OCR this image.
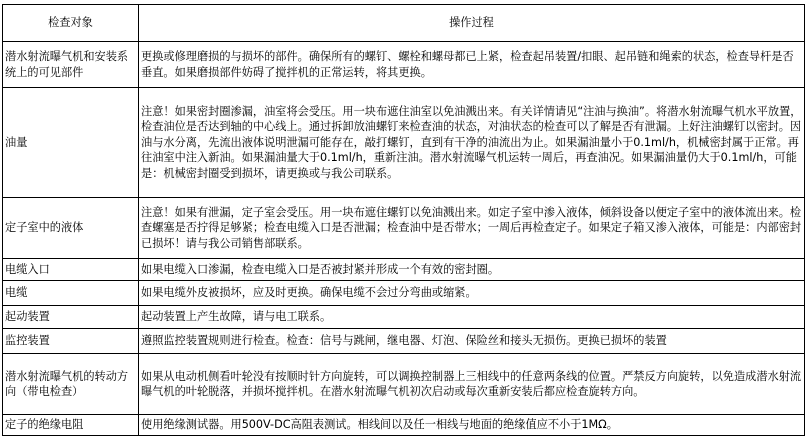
检查对象	操作过程
潜水射流曝气机和安装系统上的可见部件	更换或修理磨损的与损坏的部件。确保所有的螺钉、螺栓和螺母都已上紧，检查起吊装置/扣眼、起吊链和绳索的状态，检查导杆是否垂直。如果磨损部件妨碍了搅拌机的正常运转，将其更换。
油量	注意！如果密封圈渗漏，油室将会受压。用一块布遮住油室以免油溅出来。有关详情请见“注油与换油”。将潜水射流曝气机水平放置，检查油位是否达到轴的中心线上。通过拆卸放油螺钉来检查油的状态，对油状态的检查可以了解是否有泄漏。上好注油螺钉以密封。因油与水分离，先流出液体说明泄漏可能存在，敲打螺钉，直到有干净的油流出为止。如果漏油量小于0.1ml/h，机械密封属于正常。再往油室中注入新油。如果漏油量大于0.1ml/h，重新注油。潜水射流曝气机运转一周后，再查油况。如果漏油量仍大于0.1ml/h，可能是：机械密封圈受到损坏，请更换或与我公司联系。
定子室中的液体	注意！如果有泄漏，定子室会受压。用一块布遮住螺钉以免油溅出来。如定子室中渗入液体，倾斜设备以便定子室中的液体流出来。检查螺塞是否拧得足够紧；检查电缆入口是否泄漏；检查油中是否带水；一周后再检查定子。如果定子箱又渗入液体，可能是：内部密封已损坏！请与我公司销售部联系。
电缆入口	如果电缆入口渗漏，检查电缆入口是否被封紧并形成一个有效的密封圈。
电缆	如果电缆外皮被损坏，应及时更换。确保电缆不会过分弯曲或缩紧。
起动装置	起动装置上产生故障，请与电工联系。
监控装置	遵照监控装置规则进行检查。检查：信号与跳闸，继电器、灯泡、保险丝和接头无损伤。更换已损坏的装置
潜水射流曝气机的转动方向（带电检查）	如果从电动机侧看叶轮没有按顺时针方向旋转，可以调换控制器上三相线中的任意两条线的位置。严禁反方向旋转，以免造成潜水射流曝气机的叶轮脱落，并损坏搅拌机。在潜水射流曝气机初次启动或每次重新安装后都应检查旋转方向。
定子的绝缘电阻	使用绝缘测试器。用500V-DC高阻表测试。相线间以及任一相线与地面的绝缘值应不小于1MΩ。
